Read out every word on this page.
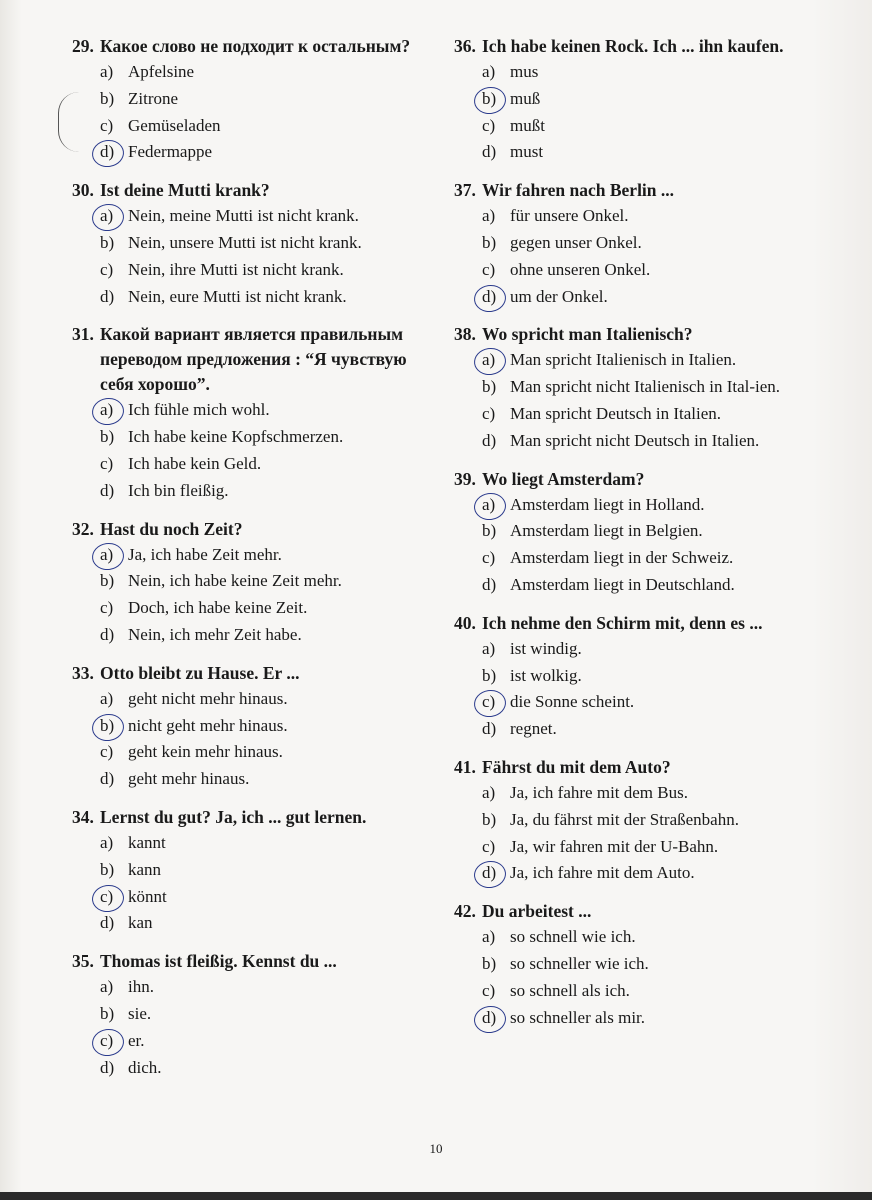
29. Какое слово не подходит к остальным?
a) Apfelsine
b) Zitrone
c) Gemüseladen
d) Federmappe
30. Ist deine Mutti krank?
a) Nein, meine Mutti ist nicht krank.
b) Nein, unsere Mutti ist nicht krank.
c) Nein, ihre Mutti ist nicht krank.
d) Nein, eure Mutti ist nicht krank.
31. Какой вариант является правильным переводом предложения : “Я чувствую себя хорошо”.
a) Ich fühle mich wohl.
b) Ich habe keine Kopfschmerzen.
c) Ich habe kein Geld.
d) Ich bin fleißig.
32. Hast du noch Zeit?
a) Ja, ich habe Zeit mehr.
b) Nein, ich habe keine Zeit mehr.
c) Doch, ich habe keine Zeit.
d) Nein, ich mehr Zeit habe.
33. Otto bleibt zu Hause. Er ...
a) geht nicht mehr hinaus.
b) nicht geht mehr hinaus.
c) geht kein mehr hinaus.
d) geht mehr hinaus.
34. Lernst du gut? Ja, ich ... gut lernen.
a) kannt
b) kann
c) könnt
d) kan
35. Thomas ist fleißig. Kennst du ...
a) ihn.
b) sie.
c) er.
d) dich.
36. Ich habe keinen Rock. Ich ... ihn kaufen.
a) mus
b) muß
c) mußt
d) must
37. Wir fahren nach Berlin ...
a) für unsere Onkel.
b) gegen unser Onkel.
c) ohne unseren Onkel.
d) um der Onkel.
38. Wo spricht man Italienisch?
a) Man spricht Italienisch in Italien.
b) Man spricht nicht Italienisch in Ital-ien.
c) Man spricht Deutsch in Italien.
d) Man spricht nicht Deutsch in Italien.
39. Wo liegt Amsterdam?
a) Amsterdam liegt in Holland.
b) Amsterdam liegt in Belgien.
c) Amsterdam liegt in der Schweiz.
d) Amsterdam liegt in Deutschland.
40. Ich nehme den Schirm mit, denn es ...
a) ist windig.
b) ist wolkig.
c) die Sonne scheint.
d) regnet.
41. Fährst du mit dem Auto?
a) Ja, ich fahre mit dem Bus.
b) Ja, du fährst mit der Straßenbahn.
c) Ja, wir fahren mit der U-Bahn.
d) Ja, ich fahre mit dem Auto.
42. Du arbeitest ...
a) so schnell wie ich.
b) so schneller wie ich.
c) so schnell als ich.
d) so schneller als mir.
10
